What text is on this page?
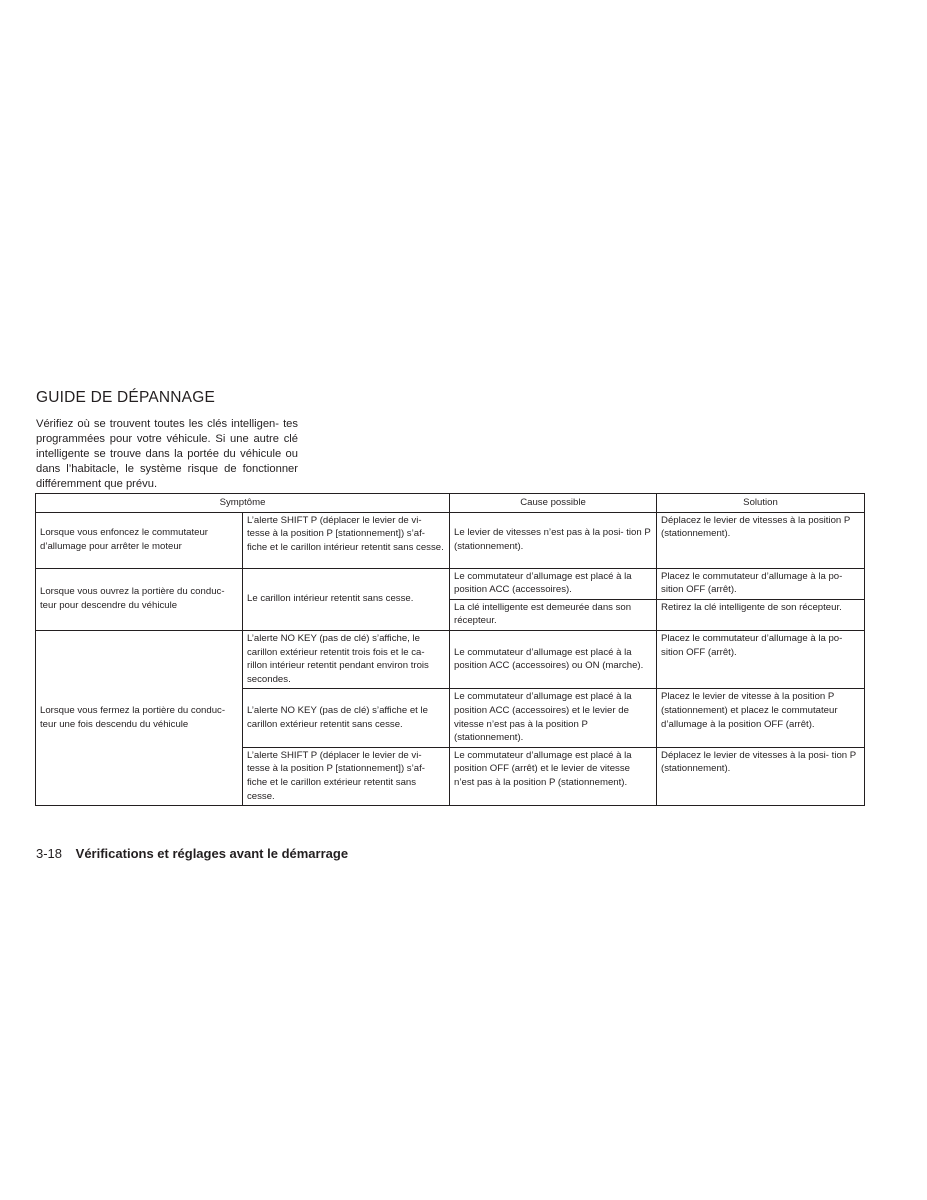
GUIDE DE DÉPANNAGE

Vérifiez où se trouvent toutes les clés intelligen- tes programmées pour votre véhicule. Si une autre clé intelligente se trouve dans la portée du véhicule ou dans l’habitacle, le système risque de fonctionner différemment que prévu.

Symptôme		Cause possible	Solution
Lorsque vous enfoncez le commutateur d’allumage pour arrêter le moteur	L’alerte SHIFT P (déplacer le levier de vi- tesse à la position P [stationnement]) s’af- fiche et le carillon intérieur retentit sans cesse.	Le levier de vitesses n’est pas à la posi- tion P (stationnement).	Déplacez le levier de vitesses à la position P (stationnement).
Lorsque vous ouvrez la portière du conduc- teur pour descendre du véhicule	Le carillon intérieur retentit sans cesse.	Le commutateur d’allumage est placé à la position ACC (accessoires).	Placez le commutateur d’allumage à la po- sition OFF (arrêt).
		La clé intelligente est demeurée dans son récepteur.	Retirez la clé intelligente de son récepteur.
Lorsque vous fermez la portière du conduc- teur une fois descendu du véhicule	L’alerte NO KEY (pas de clé) s’affiche, le carillon extérieur retentit trois fois et le ca- rillon intérieur retentit pendant environ trois secondes.	Le commutateur d’allumage est placé à la position ACC (accessoires) ou ON (marche).	Placez le commutateur d’allumage à la po- sition OFF (arrêt).
	L’alerte NO KEY (pas de clé) s’affiche et le carillon extérieur retentit sans cesse.	Le commutateur d’allumage est placé à la position ACC (accessoires) et le levier de vitesse n’est pas à la position P (stationnement).	Placez le levier de vitesse à la position P (stationnement) et placez le commutateur d’allumage à la position OFF (arrêt).
	L’alerte SHIFT P (déplacer le levier de vi- tesse à la position P [stationnement]) s’af- fiche et le carillon extérieur retentit sans cesse.	Le commutateur d’allumage est placé à la position OFF (arrêt) et le levier de vitesse n’est pas à la position P (stationnement).	Déplacez le levier de vitesses à la posi- tion P (stationnement).
3-18 Vérifications et réglages avant le démarrage
